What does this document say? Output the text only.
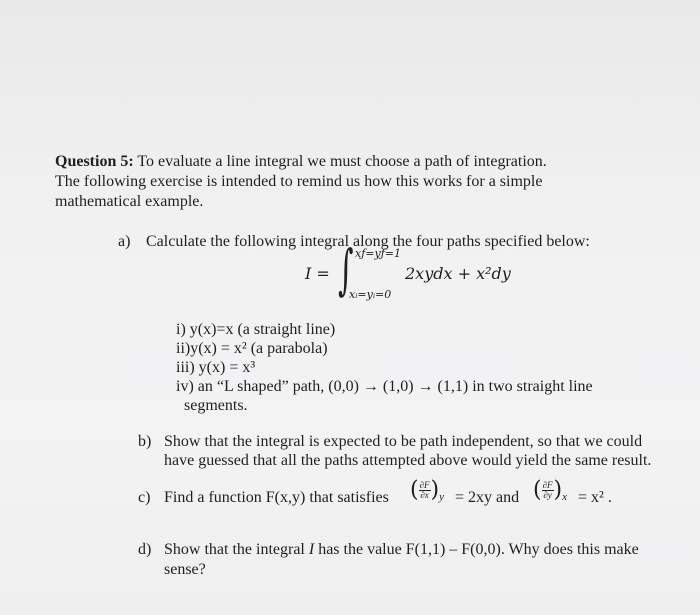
Question 5: To evaluate a line integral we must choose a path of integration.
The following exercise is intended to remind us how this works for a simple
mathematical example.
a) Calculate the following integral along the four paths specified below:
I = ∫ xƒ=yƒ=1
xᵢ=yᵢ=0
2xydx + x²dy
i) y(x)=x (a straight line)
ii)y(x) = x² (a parabola)
iii) y(x) = x³
iv) an “L shaped” path, (0,0) → (1,0) → (1,1) in two straight line
segments.
b) Show that the integral is expected to be path independent, so that we could
have guessed that all the paths attempted above would yield the same result.
c) Find a function F(x,y) that satisfies ( $\frac{\partial F}{\partial x} )_y = 2xy$ and ( $\frac{\partial F}{\partial y} )_x = x^2$ .
d) Show that the integral I has the value F(1,1) – F(0,0). Why does this make
sense?
